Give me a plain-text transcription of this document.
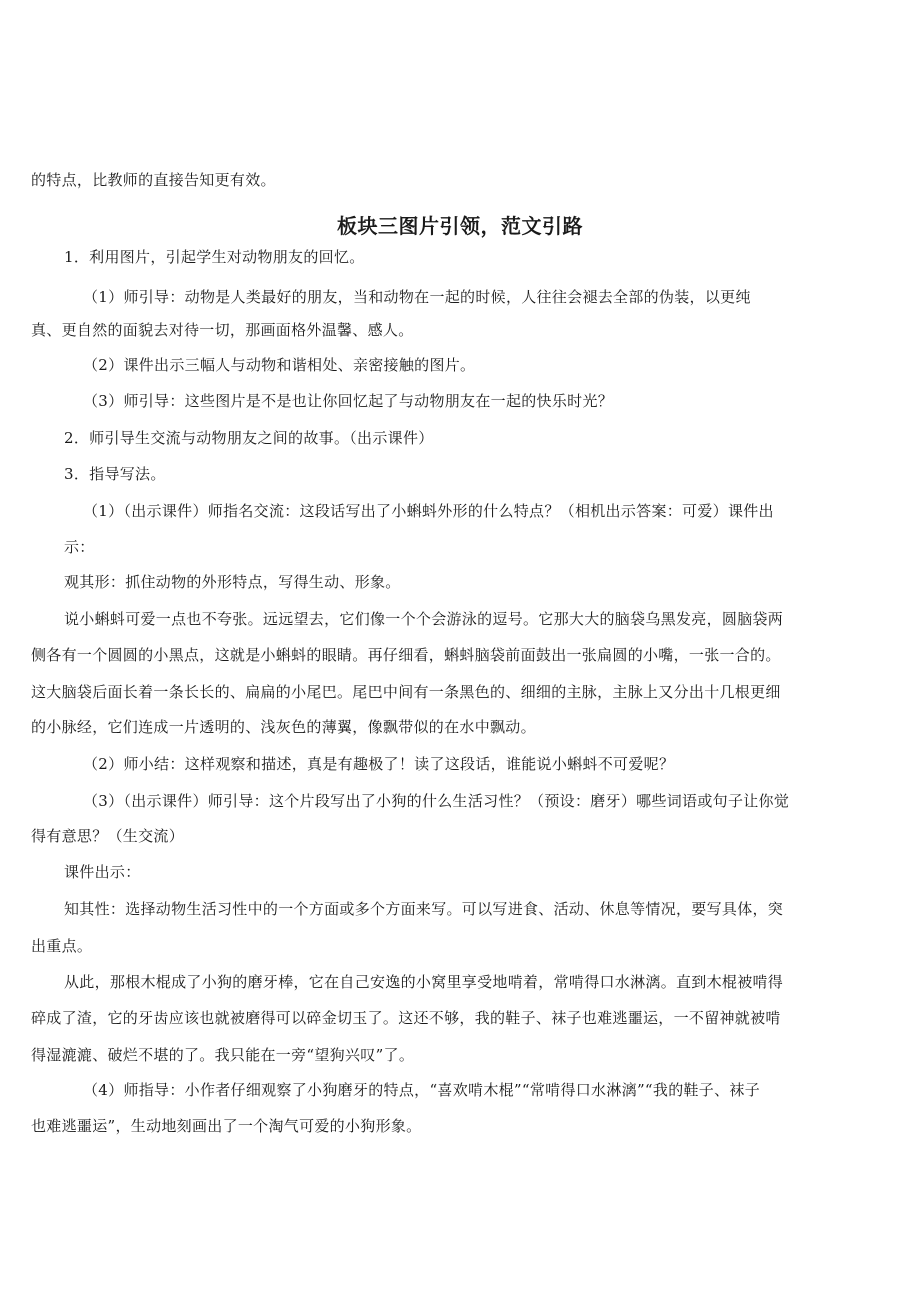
的特点，比教师的直接告知更有效。
板块三图片引领，范文引路
1．利用图片，引起学生对动物朋友的回忆。
（1）师引导：动物是人类最好的朋友，当和动物在一起的时候，人往往会褪去全部的伪装，以更纯
真、更自然的面貌去对待一切，那画面格外温馨、感人。
（2）课件出示三幅人与动物和谐相处、亲密接触的图片。
（3）师引导：这些图片是不是也让你回忆起了与动物朋友在一起的快乐时光？
2．师引导生交流与动物朋友之间的故事。（出示课件）
3．指导写法。
（1）（出示课件）师指名交流：这段话写出了小蝌蚪外形的什么特点？（相机出示答案：可爱）课件出
示：
观其形：抓住动物的外形特点，写得生动、形象。
说小蝌蚪可爱一点也不夸张。远远望去，它们像一个个会游泳的逗号。它那大大的脑袋乌黑发亮，圆脑袋两
侧各有一个圆圆的小黑点，这就是小蝌蚪的眼睛。再仔细看，蝌蚪脑袋前面鼓出一张扁圆的小嘴，一张一合的。
这大脑袋后面长着一条长长的、扁扁的小尾巴。尾巴中间有一条黑色的、细细的主脉，主脉上又分出十几根更细
的小脉经，它们连成一片透明的、浅灰色的薄翼，像飘带似的在水中飘动。
（2）师小结：这样观察和描述，真是有趣极了！读了这段话，谁能说小蝌蚪不可爱呢？
（3）（出示课件）师引导：这个片段写出了小狗的什么生活习性？（预设：磨牙）哪些词语或句子让你觉
得有意思？（生交流）
课件出示：
知其性：选择动物生活习性中的一个方面或多个方面来写。可以写进食、活动、休息等情况，要写具体，突
出重点。
从此，那根木棍成了小狗的磨牙棒，它在自己安逸的小窝里享受地啃着，常啃得口水淋漓。直到木棍被啃得
碎成了渣，它的牙齿应该也就被磨得可以碎金切玉了。这还不够，我的鞋子、袜子也难逃噩运，一不留神就被啃
得湿漉漉、破烂不堪的了。我只能在一旁“望狗兴叹”了。
（4）师指导：小作者仔细观察了小狗磨牙的特点，“喜欢啃木棍”“常啃得口水淋漓”“我的鞋子、袜子
也难逃噩运”，生动地刻画出了一个淘气可爱的小狗形象。
